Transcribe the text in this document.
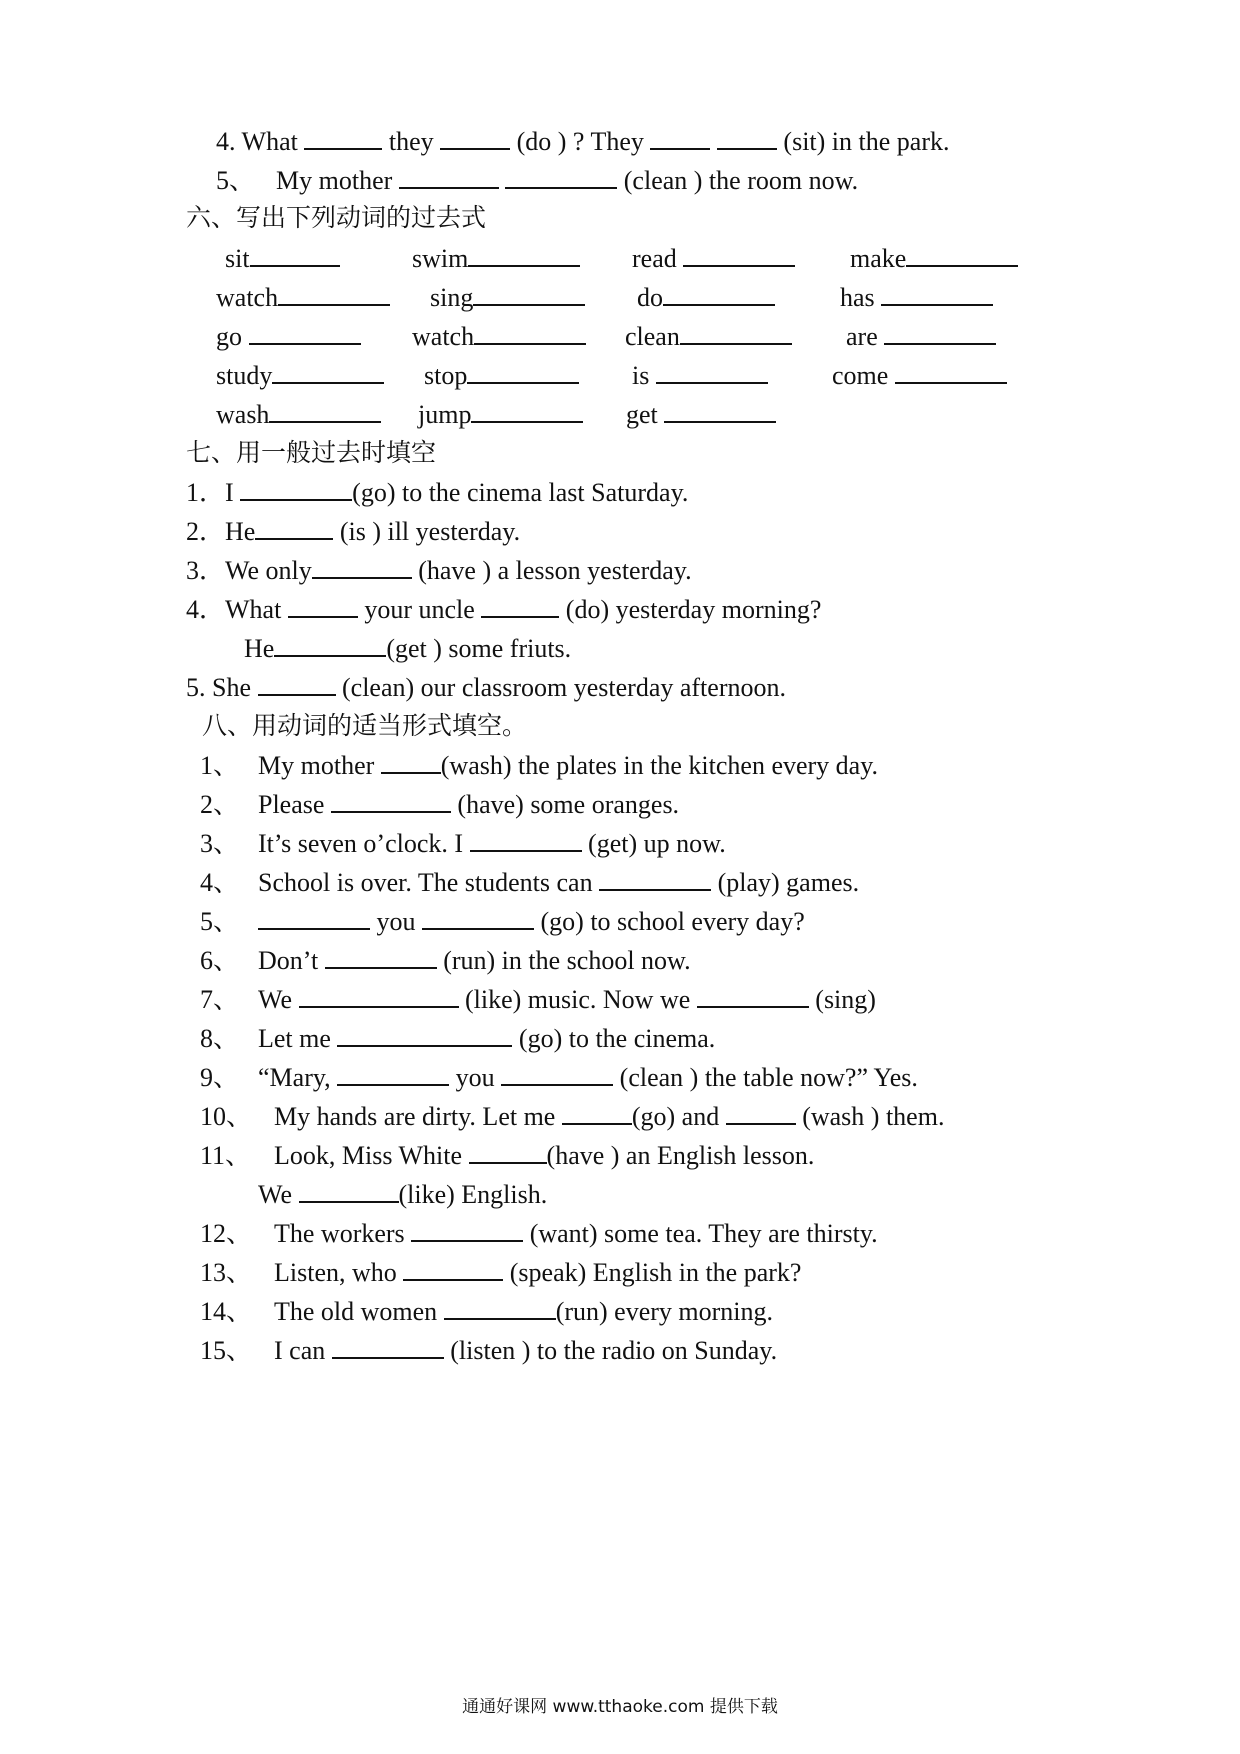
4. What	they	(do ) ? They	(sit) in the park.
5、 My mother	(clean ) the room now.
六、写出下列动词的过去式
sit	swim	read	make
watch	sing	do	has
go	watch	clean	are
study	stop	is	come
wash	jump	get
七、用一般过去时填空
1．I	(go) to the cinema last Saturday.
2．He	(is ) ill yesterday.
3．We only	(have ) a lesson yesterday.
4．What	your uncle	(do) yesterday morning?
He	(get ) some friuts.
5. She	(clean) our classroom yesterday afternoon.
八、用动词的适当形式填空。
1、 My mother (wash) the plates in the kitchen every day.
2、 Please	(have) some oranges.
3、 It’s seven o’clock. I	(get) up now.
4、 School is over. The students can	(play) games.
5、	you	(go) to school every day?
6、 Don’t	(run) in the school now.
7、 We	(like) music. Now we	(sing)
8、 Let me	(go) to the cinema.
9、 “Mary,	you	(clean ) the table now?” Yes.
10、 My hands are dirty. Let me	(go) and	(wash ) them.
11、 Look, Miss White	(have ) an English lesson.
We	(like) English.
12、 The workers	(want) some tea. They are thirsty.
13、 Listen, who	(speak) English in the park?
14、 The old women	(run) every morning.
15、 I can	(listen ) to the radio on Sunday.
通通好课网 www.tthaoke.com 提供下载
